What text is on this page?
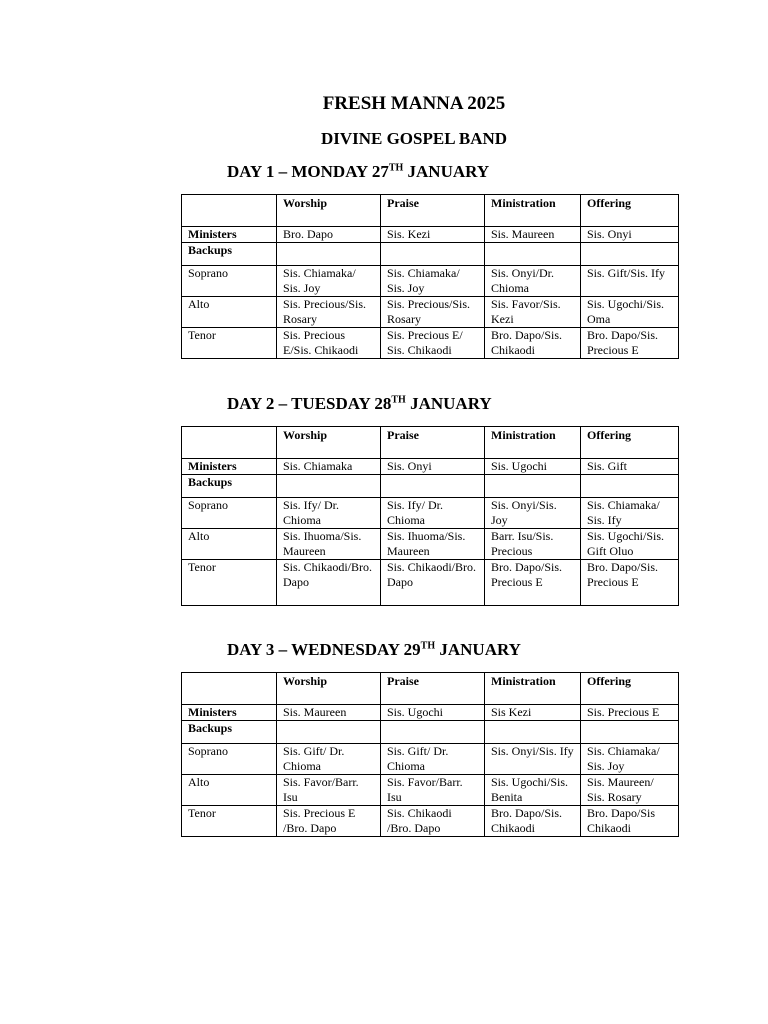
FRESH MANNA 2025
DIVINE GOSPEL BAND
DAY 1 – MONDAY 27TH JANUARY
	Worship	Praise	Ministration	Offering
Ministers	Bro. Dapo	Sis. Kezi	Sis. Maureen	Sis. Onyi
Backups				
Soprano	Sis. Chiamaka/ Sis. Joy	Sis. Chiamaka/ Sis. Joy	Sis. Onyi/Dr. Chioma	Sis. Gift/Sis. Ify
Alto	Sis. Precious/Sis. Rosary	Sis. Precious/Sis. Rosary	Sis. Favor/Sis. Kezi	Sis. Ugochi/Sis. Oma
Tenor	Sis. Precious E/Sis. Chikaodi	Sis. Precious E/ Sis. Chikaodi	Bro. Dapo/Sis. Chikaodi	Bro. Dapo/Sis. Precious E
DAY 2 – TUESDAY 28TH JANUARY
	Worship	Praise	Ministration	Offering
Ministers	Sis. Chiamaka	Sis. Onyi	Sis. Ugochi	Sis. Gift
Backups				
Soprano	Sis. Ify/ Dr. Chioma	Sis. Ify/ Dr. Chioma	Sis. Onyi/Sis. Joy	Sis. Chiamaka/ Sis. Ify
Alto	Sis. Ihuoma/Sis. Maureen	Sis. Ihuoma/Sis. Maureen	Barr. Isu/Sis. Precious	Sis. Ugochi/Sis. Gift Oluo
Tenor	Sis. Chikaodi/Bro. Dapo	Sis. Chikaodi/Bro. Dapo	Bro. Dapo/Sis. Precious E	Bro. Dapo/Sis. Precious E
DAY 3 – WEDNESDAY 29TH JANUARY
	Worship	Praise	Ministration	Offering
Ministers	Sis. Maureen	Sis. Ugochi	Sis Kezi	Sis. Precious E
Backups				
Soprano	Sis. Gift/ Dr. Chioma	Sis. Gift/ Dr. Chioma	Sis. Onyi/Sis. Ify	Sis. Chiamaka/ Sis. Joy
Alto	Sis. Favor/Barr. Isu	Sis. Favor/Barr. Isu	Sis. Ugochi/Sis. Benita	Sis. Maureen/ Sis. Rosary
Tenor	Sis. Precious E /Bro. Dapo	Sis. Chikaodi /Bro. Dapo	Bro. Dapo/Sis. Chikaodi	Bro. Dapo/Sis Chikaodi
